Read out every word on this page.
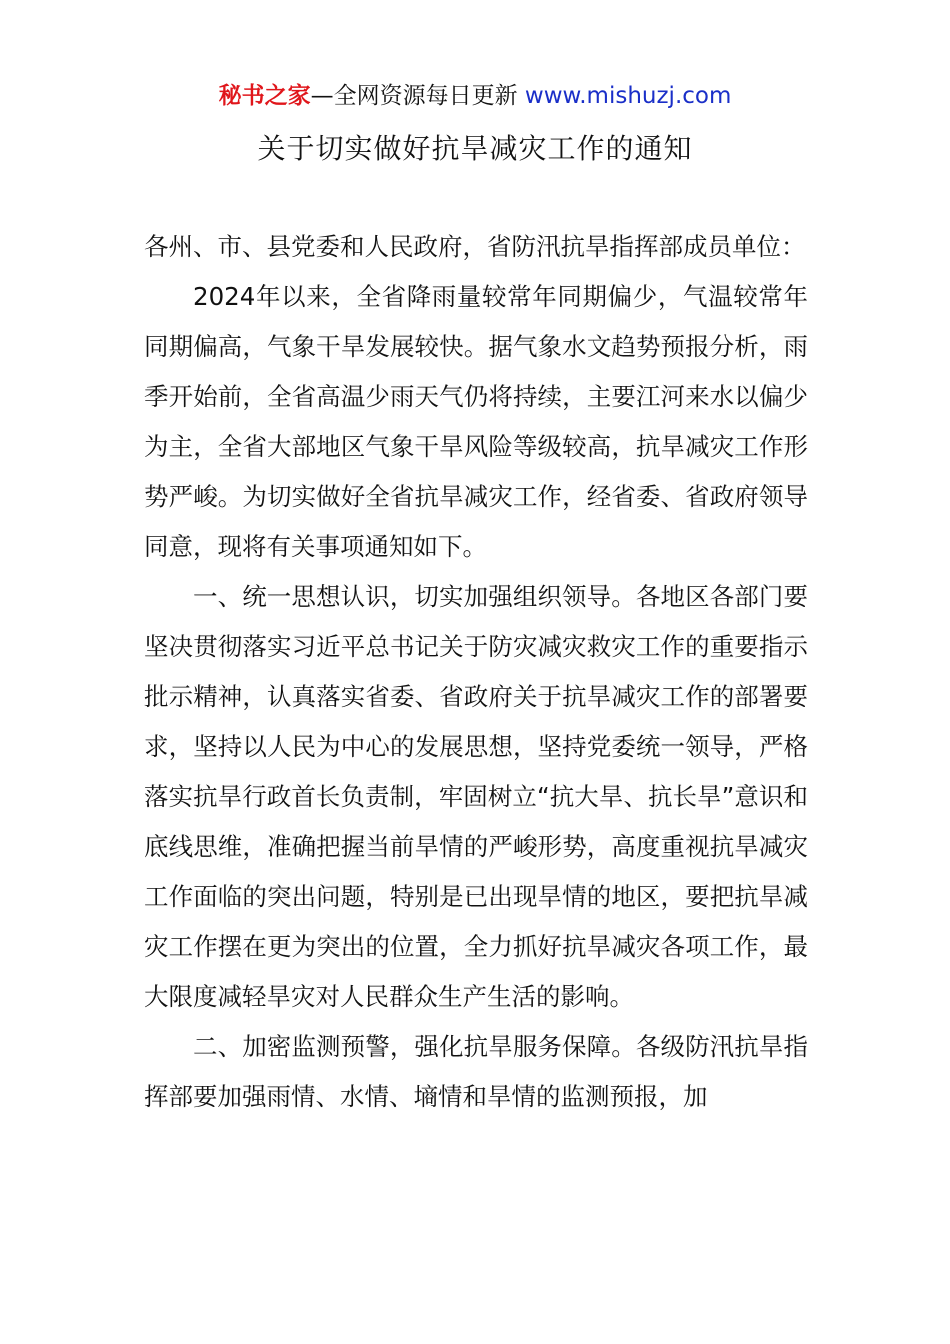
秘书之家—全网资源每日更新 www.mishuzj.com
关于切实做好抗旱减灾工作的通知

各州、市、县党委和人民政府，省防汛抗旱指挥部成员单位：

2024年以来，全省降雨量较常年同期偏少，气温较常年同期偏高，气象干旱发展较快。据气象水文趋势预报分析，雨季开始前，全省高温少雨天气仍将持续，主要江河来水以偏少为主，全省大部地区气象干旱风险等级较高，抗旱减灾工作形势严峻。为切实做好全省抗旱减灾工作，经省委、省政府领导同意，现将有关事项通知如下。

一、统一思想认识，切实加强组织领导。各地区各部门要坚决贯彻落实习近平总书记关于防灾减灾救灾工作的重要指示批示精神，认真落实省委、省政府关于抗旱减灾工作的部署要求，坚持以人民为中心的发展思想，坚持党委统一领导，严格落实抗旱行政首长负责制，牢固树立“抗大旱、抗长旱”意识和底线思维，准确把握当前旱情的严峻形势，高度重视抗旱减灾工作面临的突出问题，特别是已出现旱情的地区，要把抗旱减灾工作摆在更为突出的位置，全力抓好抗旱减灾各项工作，最大限度减轻旱灾对人民群众生产生活的影响。

二、加密监测预警，强化抗旱服务保障。各级防汛抗旱指挥部要加强雨情、水情、墒情和旱情的监测预报，加
